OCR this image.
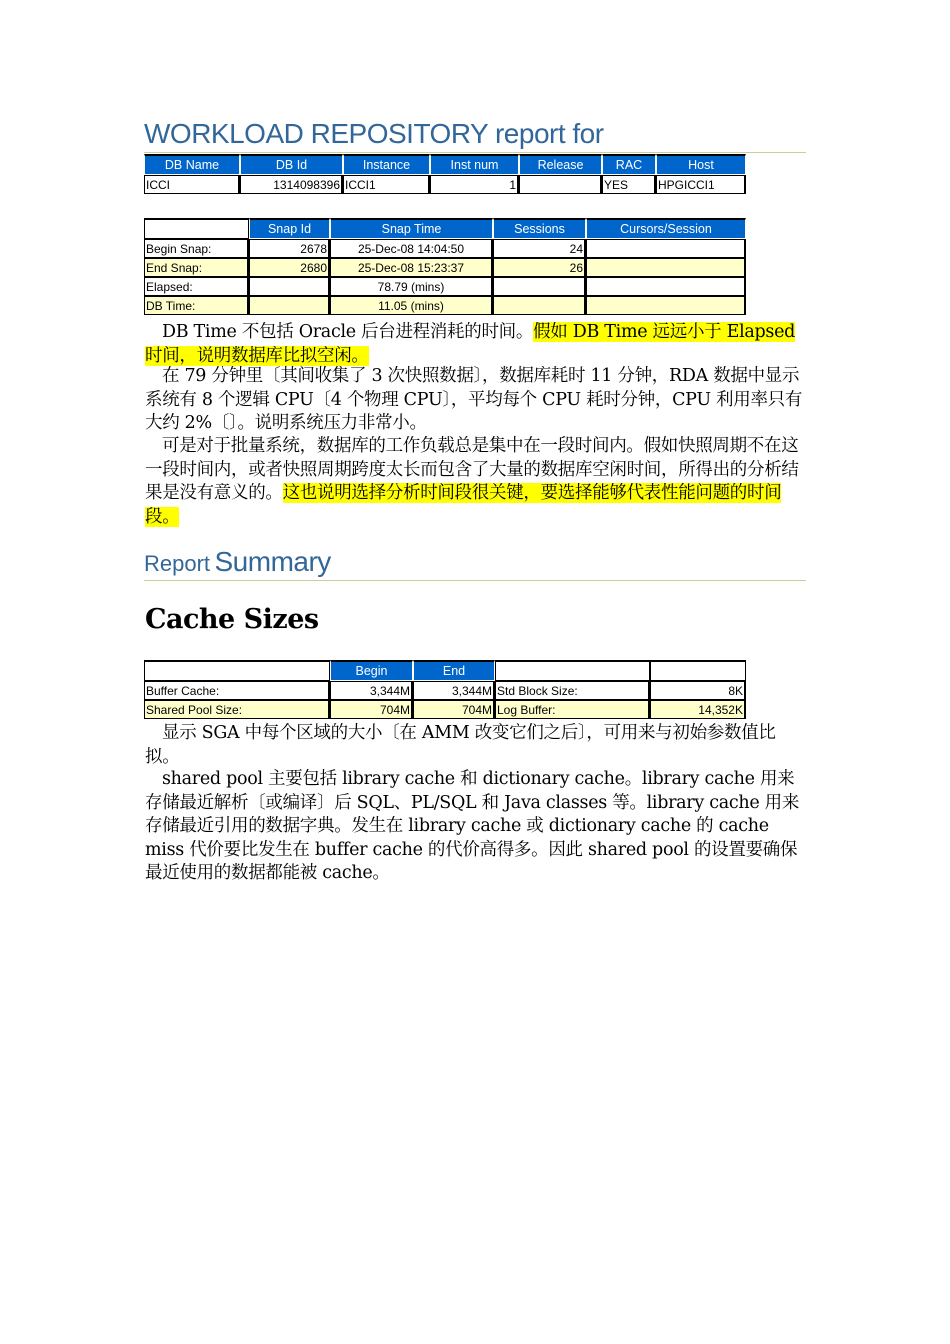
WORKLOAD REPOSITORY report for
DB Name	DB Id	Instance	Inst num	Release	RAC	Host
ICCI	1314098396	ICCI1	1		YES	HPGICCI1
	Snap Id	Snap Time	Sessions	Cursors/Session
Begin Snap:	2678	25-Dec-08 14:04:50	24	
End Snap:	2680	25-Dec-08 15:23:37	26	
Elapsed:		78.79 (mins)		
DB Time:		11.05 (mins)		
DB Time 不包括 Oracle 后台进程消耗的时间。假如 DB Time 远远小于 Elapsed 时间，说明数据库比拟空闲。
在 79 分钟里〔其间收集了 3 次快照数据〕，数据库耗时 11 分钟，RDA 数据中显示系统有 8 个逻辑 CPU〔4 个物理 CPU〕，平均每个 CPU 耗时分钟，CPU 利用率只有大约 2%〔〕。说明系统压力非常小。
可是对于批量系统，数据库的工作负载总是集中在一段时间内。假如快照周期不在这一段时间内，或者快照周期跨度太长而包含了大量的数据库空闲时间，所得出的分析结果是没有意义的。这也说明选择分析时间段很关键，要选择能够代表性能问题的时间段。
Report Summary
Cache Sizes
	Begin	End		
Buffer Cache:	3,344M	3,344M	Std Block Size:	8K
Shared Pool Size:	704M	704M	Log Buffer:	14,352K
显示 SGA 中每个区域的大小〔在 AMM 改变它们之后〕，可用来与初始参数值比拟。
shared pool 主要包括 library cache 和 dictionary cache。library cache 用来存储最近解析〔或编译〕后 SQL、PL/SQL 和 Java classes 等。library cache 用来存储最近引用的数据字典。发生在 library cache 或 dictionary cache 的 cache miss 代价要比发生在 buffer cache 的代价高得多。因此 shared pool 的设置要确保最近使用的数据都能被 cache。
